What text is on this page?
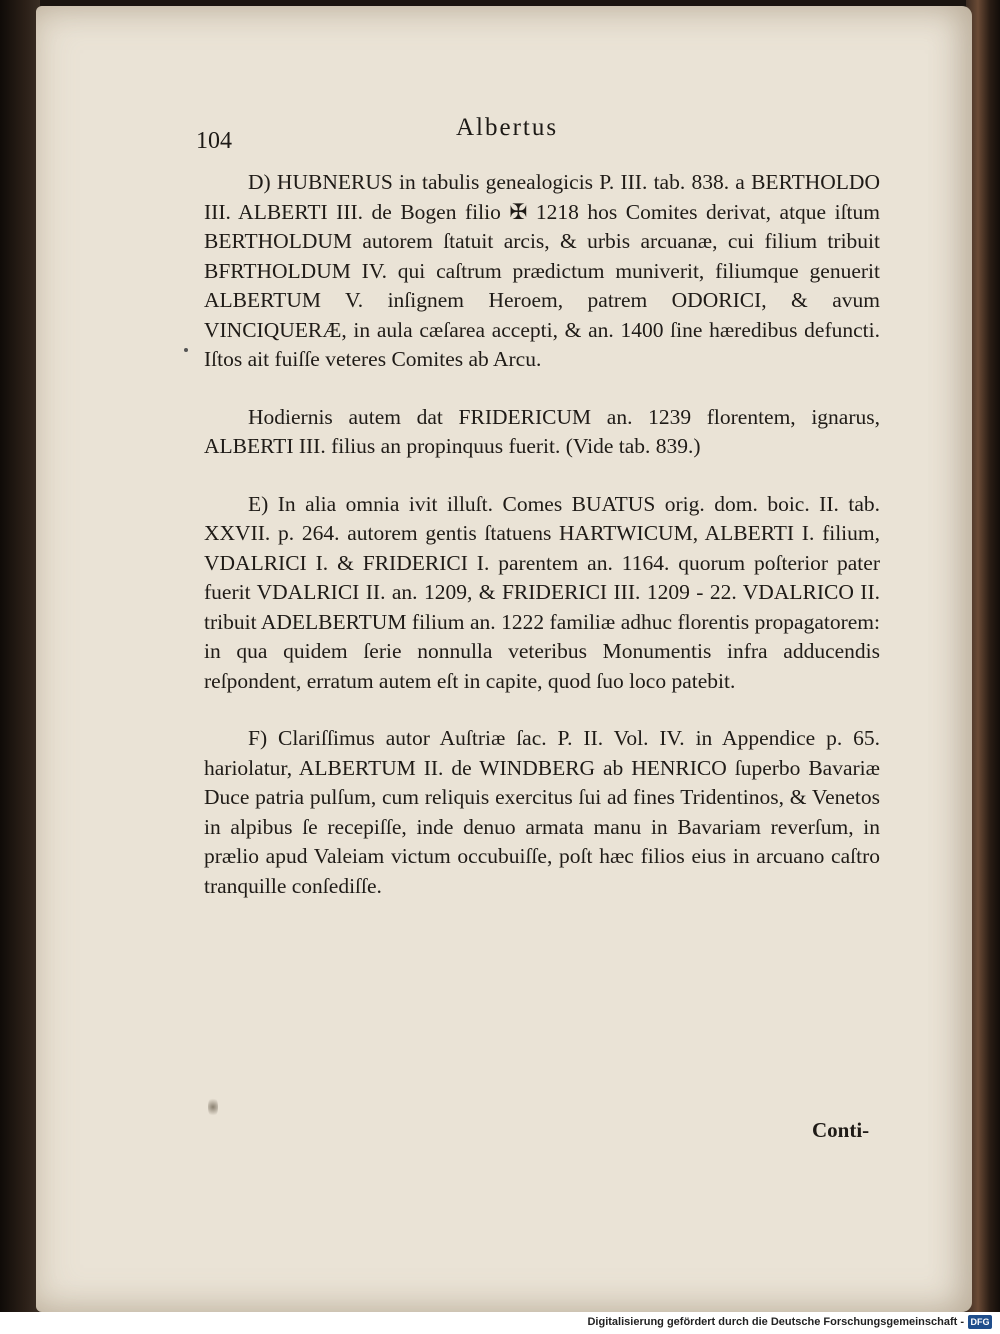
104	Albertus

D) HUBNERUS in tabulis genealogicis P. III. tab. 838. a BERTHOLDO III. ALBERTI III. de Bogen filio ✠ 1218 hos Comites derivat, atque iſtum BERTHOLDUM autorem ſtatuit arcis, & urbis arcuanæ, cui filium tribuit BFRTHOLDUM IV. qui caſtrum prædictum muniverit, filiumque genuerit ALBERTUM V. inſignem Heroem, patrem ODORICI, & avum VINCIQUERÆ, in aula cæſarea accepti, & an. 1400 ſine hæredibus defuncti. Iſtos ait fuiſſe veteres Comites ab Arcu.

Hodiernis autem dat FRIDERICUM an. 1239 florentem, ignarus, ALBERTI III. filius an propinquus fuerit. (Vide tab. 839.)

E) In alia omnia ivit illuſt. Comes BUATUS orig. dom. boic. II. tab. XXVII. p. 264. autorem gentis ſtatuens HARTWICUM, ALBERTI I. filium, VDALRICI I. & FRIDERICI I. parentem an. 1164. quorum poſterior pater fuerit VDALRICI II. an. 1209, & FRIDERICI III. 1209 - 22. VDALRICO II. tribuit ADELBERTUM filium an. 1222 familiæ adhuc florentis propagatorem: in qua quidem ſerie nonnulla veteribus Monumentis infra adducendis reſpondent, erratum autem eſt in capite, quod ſuo loco patebit.

F) Clariſſimus autor Auſtriæ ſac. P. II. Vol. IV. in Appendice p. 65. hariolatur, ALBERTUM II. de WINDBERG ab HENRICO ſuperbo Bavariæ Duce patria pulſum, cum reliquis exercitus ſui ad fines Tridentinos, & Venetos in alpibus ſe recepiſſe, inde denuo armata manu in Bavariam reverſum, in prælio apud Valeiam victum occubuiſſe, poſt hæc filios eius in arcuano caſtro tranquille conſediſſe.

Conti-
Digitalisierung gefördert durch die Deutsche Forschungsgemeinschaft - DFG
